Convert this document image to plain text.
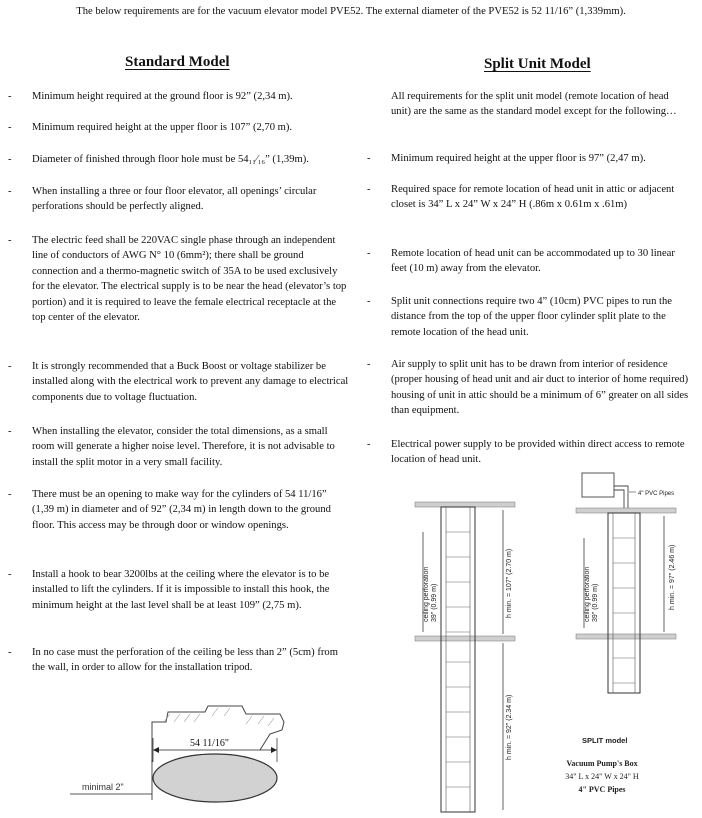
The below requirements are for the vacuum elevator model PVE52. The external diameter of the PVE52 is 52 11/16” (1,339mm).
Standard Model	Split Unit Model
- Minimum height required at the ground floor is 92” (2,34 m).
- Minimum required height at the upper floor is 107” (2,70 m).
- Diameter of finished through floor hole must be 54₁₁⁄₁₆” (1,39m).
- When installing a three or four floor elevator, all openings’ circular perforations should be perfectly aligned.
- The electric feed shall be 220VAC single phase through an independent line of conductors of AWG N° 10 (6mm²); there shall be ground connection and a thermo-magnetic switch of 35A to be used exclusively for the elevator. The electrical supply is to be near the head (elevator’s top portion) and it is required to leave the female electrical receptacle at the top center of the elevator.
- It is strongly recommended that a Buck Boost or voltage stabilizer be installed along with the electrical work to prevent any damage to electrical components due to voltage fluctuation.
- When installing the elevator, consider the total dimensions, as a small room will generate a higher noise level. Therefore, it is not advisable to install the split motor in a very small facility.
- There must be an opening to make way for the cylinders of 54 11/16” (1,39 m) in diameter and of 92” (2,34 m) in length down to the ground floor. This access may be through door or window openings.
- Install a hook to bear 3200lbs at the ceiling where the elevator is to be installed to lift the cylinders. If it is impossible to install this hook, the minimum height at the last level shall be at least 109” (2,75 m).
- In no case must the perforation of the ceiling be less than 2” (5cm) from the wall, in order to allow for the installation tripod.
All requirements for the split unit model (remote location of head unit) are the same as the standard model except for the following…
- Minimum required height at the upper floor is 97” (2,47 m).
- Required space for remote location of head unit in attic or adjacent closet is 34” L x 24” W x 24” H (.86m x 0.61m x .61m)
- Remote location of head unit can be accommodated up to 30 linear feet (10 m) away from the elevator.
- Split unit connections require two 4” (10cm) PVC pipes to run the distance from the top of the upper floor cylinder split plate to the remote location of the head unit.
- Air supply to split unit has to be drawn from interior of residence (proper housing of head unit and air duct to interior of home required) housing of unit in attic should be a minimum of 6” greater on all sides than equipment.
- Electrical power supply to be provided within direct access to remote location of head unit.
54 11/16"
minimal 2"
ceiling perforation 39" (0.99 m)	h min. = 107" (2.70 m)
h min. = 92" (2.34 m)
4" PVC Pipes
ceiling perforation 39" (0.99 m)	h min. = 97" (2.46 m)
SPLIT model
Vacuum Pump's Box
34" L x 24" W x 24" H
4" PVC Pipes
